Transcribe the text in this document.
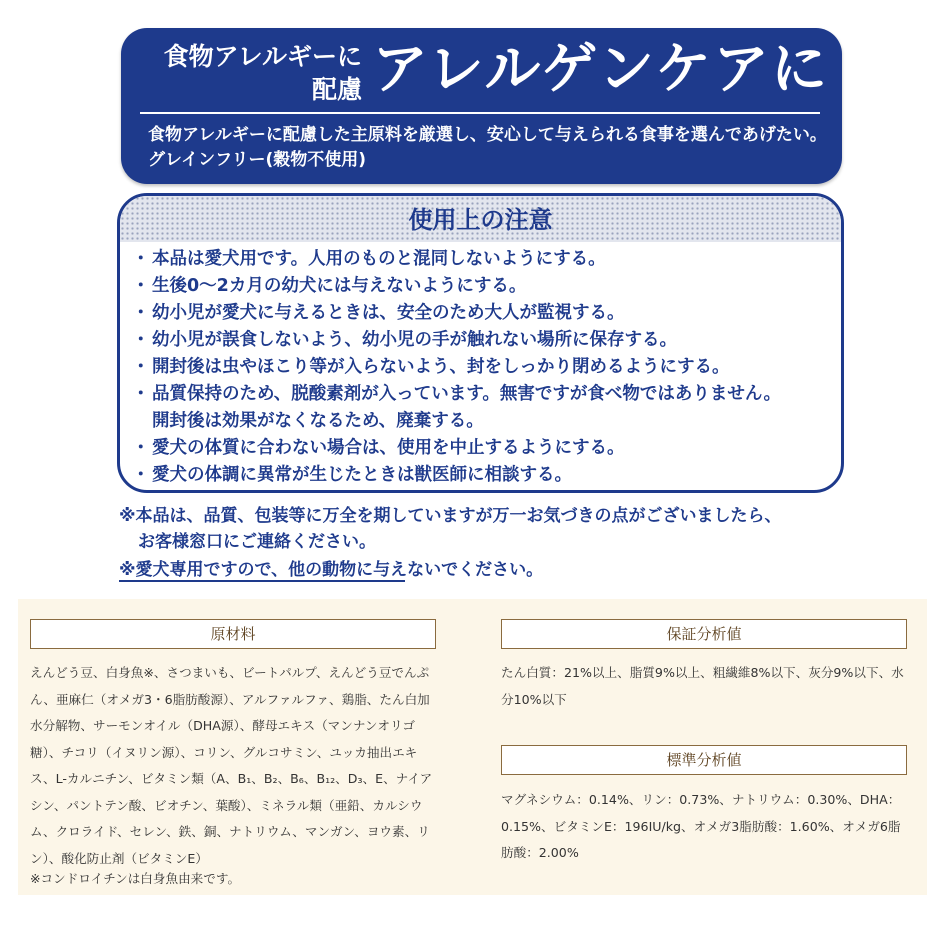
食物アレルギーに
配慮 アレルゲンケアに
食物アレルギーに配慮した主原料を厳選し、安心して与えられる食事を選んであげたい。グレインフリー(穀物不使用)
使用上の注意
・ 本品は愛犬用です。人用のものと混同しないようにする。
・ 生後0〜2カ月の幼犬には与えないようにする。
・ 幼小児が愛犬に与えるときは、安全のため大人が監視する。
・ 幼小児が誤食しないよう、幼小児の手が触れない場所に保存する。
・ 開封後は虫やほこり等が入らないよう、封をしっかり閉めるようにする。
・ 品質保持のため、脱酸素剤が入っています。無害ですが食べ物ではありません。
開封後は効果がなくなるため、廃棄する。
・ 愛犬の体質に合わない場合は、使用を中止するようにする。
・ 愛犬の体調に異常が生じたときは獣医師に相談する。
※本品は、品質、包装等に万全を期していますが万一お気づきの点がございましたら、
お客様窓口にご連絡ください。
※愛犬専用ですので、他の動物に与えないでください。
原材料
えんどう豆、白身魚※、さつまいも、ビートパルプ、えんどう豆でんぷん、亜麻仁（オメガ3・6脂肪酸源）、アルファルファ、鶏脂、たん白加水分解物、サーモンオイル（DHA源）、酵母エキス（マンナンオリゴ糖）、チコリ（イヌリン源）、コリン、グルコサミン、ユッカ抽出エキス、L-カルニチン、ビタミン類（A、B₁、B₂、B₆、B₁₂、D₃、E、ナイアシン、パントテン酸、ビオチン、葉酸）、ミネラル類（亜鉛、カルシウム、クロライド、セレン、鉄、銅、ナトリウム、マンガン、ヨウ素、リン）、酸化防止剤（ビタミンE）
※コンドロイチンは白身魚由来です。
保証分析値
たん白質：21%以上、脂質9%以上、粗繊維8%以下、灰分9%以下、水分10%以下
標準分析値
マグネシウム：0.14%、リン：0.73%、ナトリウム：0.30%、DHA：0.15%、ビタミンE：196IU/kg、オメガ3脂肪酸：1.60%、オメガ6脂肪酸：2.00%
